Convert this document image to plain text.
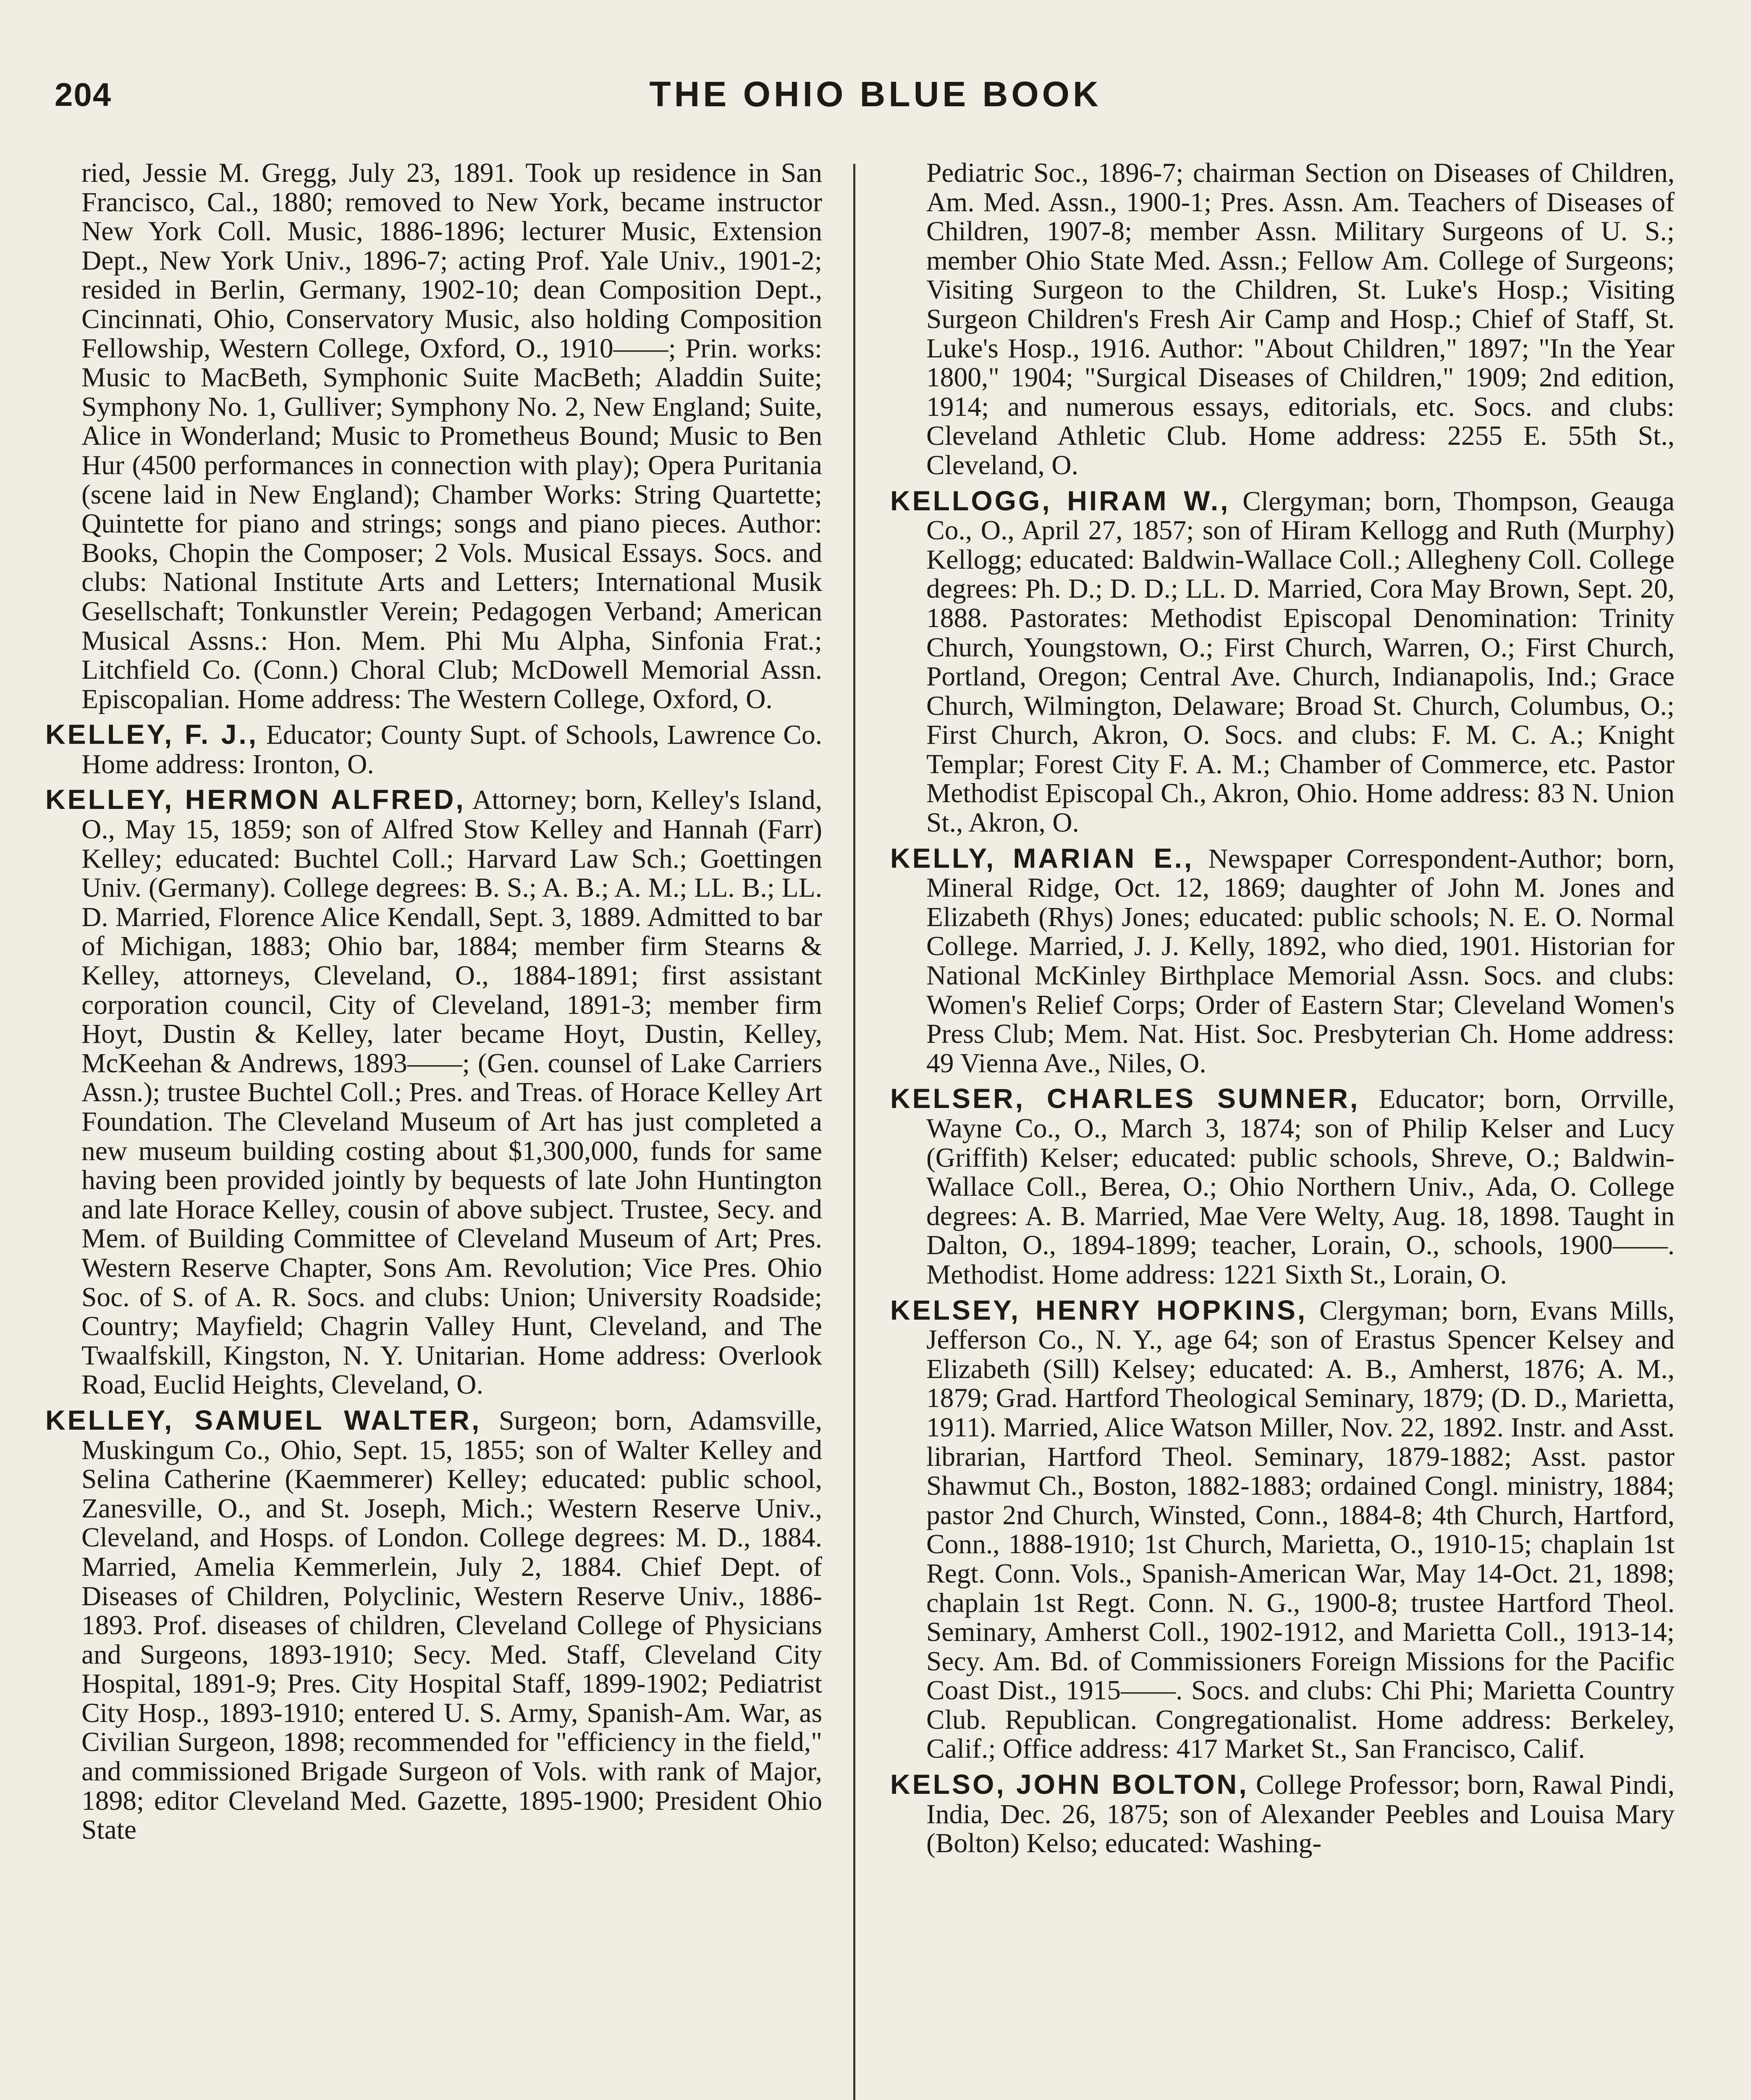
204	THE OHIO BLUE BOOK

ried, Jessie M. Gregg, July 23, 1891. Took up residence in San Francisco, Cal., 1880; removed to New York, became instructor New York Coll. Music, 1886-1896; lecturer Music, Extension Dept., New York Univ., 1896-7; acting Prof. Yale Univ., 1901-2; resided in Berlin, Germany, 1902-10; dean Composition Dept., Cincinnati, Ohio, Conservatory Music, also holding Composition Fellowship, Western College, Oxford, O., 1910——; Prin. works: Music to MacBeth, Symphonic Suite MacBeth; Aladdin Suite; Symphony No. 1, Gulliver; Symphony No. 2, New England; Suite, Alice in Wonderland; Music to Prometheus Bound; Music to Ben Hur (4500 performances in connection with play); Opera Puritania (scene laid in New England); Chamber Works: String Quartette; Quintette for piano and strings; songs and piano pieces. Author: Books, Chopin the Composer; 2 Vols. Musical Essays. Socs. and clubs: National Institute Arts and Letters; International Musik Gesellschaft; Tonkunstler Verein; Pedagogen Verband; American Musical Assns.: Hon. Mem. Phi Mu Alpha, Sinfonia Frat.; Litchfield Co. (Conn.) Choral Club; McDowell Memorial Assn. Episcopalian. Home address: The Western College, Oxford, O.

KELLEY, F. J., Educator; County Supt. of Schools, Lawrence Co. Home address: Ironton, O.

KELLEY, HERMON ALFRED, Attorney; born, Kelley's Island, O., May 15, 1859; son of Alfred Stow Kelley and Hannah (Farr) Kelley; educated: Buchtel Coll.; Harvard Law Sch.; Goettingen Univ. (Germany). College degrees: B. S.; A. B.; A. M.; LL. B.; LL. D. Married, Florence Alice Kendall, Sept. 3, 1889. Admitted to bar of Michigan, 1883; Ohio bar, 1884; member firm Stearns & Kelley, attorneys, Cleveland, O., 1884-1891; first assistant corporation council, City of Cleveland, 1891-3; member firm Hoyt, Dustin & Kelley, later became Hoyt, Dustin, Kelley, McKeehan & Andrews, 1893——; (Gen. counsel of Lake Carriers Assn.); trustee Buchtel Coll.; Pres. and Treas. of Horace Kelley Art Foundation. The Cleveland Museum of Art has just completed a new museum building costing about $1,300,000, funds for same having been provided jointly by bequests of late John Huntington and late Horace Kelley, cousin of above subject. Trustee, Secy. and Mem. of Building Committee of Cleveland Museum of Art; Pres. Western Reserve Chapter, Sons Am. Revolution; Vice Pres. Ohio Soc. of S. of A. R. Socs. and clubs: Union; University Roadside; Country; Mayfield; Chagrin Valley Hunt, Cleveland, and The Twaalfskill, Kingston, N. Y. Unitarian. Home address: Overlook Road, Euclid Heights, Cleveland, O.

KELLEY, SAMUEL WALTER, Surgeon; born, Adamsville, Muskingum Co., Ohio, Sept. 15, 1855; son of Walter Kelley and Selina Catherine (Kaemmerer) Kelley; educated: public school, Zanesville, O., and St. Joseph, Mich.; Western Reserve Univ., Cleveland, and Hosps. of London. College degrees: M. D., 1884. Married, Amelia Kemmerlein, July 2, 1884. Chief Dept. of Diseases of Children, Polyclinic, Western Reserve Univ., 1886-1893. Prof. diseases of children, Cleveland College of Physicians and Surgeons, 1893-1910; Secy. Med. Staff, Cleveland City Hospital, 1891-9; Pres. City Hospital Staff, 1899-1902; Pediatrist City Hosp., 1893-1910; entered U. S. Army, Spanish-Am. War, as Civilian Surgeon, 1898; recommended for "efficiency in the field," and commissioned Brigade Surgeon of Vols. with rank of Major, 1898; editor Cleveland Med. Gazette, 1895-1900; President Ohio State

Pediatric Soc., 1896-7; chairman Section on Diseases of Children, Am. Med. Assn., 1900-1; Pres. Assn. Am. Teachers of Diseases of Children, 1907-8; member Assn. Military Surgeons of U. S.; member Ohio State Med. Assn.; Fellow Am. College of Surgeons; Visiting Surgeon to the Children, St. Luke's Hosp.; Visiting Surgeon Children's Fresh Air Camp and Hosp.; Chief of Staff, St. Luke's Hosp., 1916. Author: "About Children," 1897; "In the Year 1800," 1904; "Surgical Diseases of Children," 1909; 2nd edition, 1914; and numerous essays, editorials, etc. Socs. and clubs: Cleveland Athletic Club. Home address: 2255 E. 55th St., Cleveland, O.

KELLOGG, HIRAM W., Clergyman; born, Thompson, Geauga Co., O., April 27, 1857; son of Hiram Kellogg and Ruth (Murphy) Kellogg; educated: Baldwin-Wallace Coll.; Allegheny Coll. College degrees: Ph. D.; D. D.; LL. D. Married, Cora May Brown, Sept. 20, 1888. Pastorates: Methodist Episcopal Denomination: Trinity Church, Youngstown, O.; First Church, Warren, O.; First Church, Portland, Oregon; Central Ave. Church, Indianapolis, Ind.; Grace Church, Wilmington, Delaware; Broad St. Church, Columbus, O.; First Church, Akron, O. Socs. and clubs: F. M. C. A.; Knight Templar; Forest City F. A. M.; Chamber of Commerce, etc. Pastor Methodist Episcopal Ch., Akron, Ohio. Home address: 83 N. Union St., Akron, O.

KELLY, MARIAN E., Newspaper Correspondent-Author; born, Mineral Ridge, Oct. 12, 1869; daughter of John M. Jones and Elizabeth (Rhys) Jones; educated: public schools; N. E. O. Normal College. Married, J. J. Kelly, 1892, who died, 1901. Historian for National McKinley Birthplace Memorial Assn. Socs. and clubs: Women's Relief Corps; Order of Eastern Star; Cleveland Women's Press Club; Mem. Nat. Hist. Soc. Presbyterian Ch. Home address: 49 Vienna Ave., Niles, O.

KELSER, CHARLES SUMNER, Educator; born, Orrville, Wayne Co., O., March 3, 1874; son of Philip Kelser and Lucy (Griffith) Kelser; educated: public schools, Shreve, O.; Baldwin-Wallace Coll., Berea, O.; Ohio Northern Univ., Ada, O. College degrees: A. B. Married, Mae Vere Welty, Aug. 18, 1898. Taught in Dalton, O., 1894-1899; teacher, Lorain, O., schools, 1900——. Methodist. Home address: 1221 Sixth St., Lorain, O.

KELSEY, HENRY HOPKINS, Clergyman; born, Evans Mills, Jefferson Co., N. Y., age 64; son of Erastus Spencer Kelsey and Elizabeth (Sill) Kelsey; educated: A. B., Amherst, 1876; A. M., 1879; Grad. Hartford Theological Seminary, 1879; (D. D., Marietta, 1911). Married, Alice Watson Miller, Nov. 22, 1892. Instr. and Asst. librarian, Hartford Theol. Seminary, 1879-1882; Asst. pastor Shawmut Ch., Boston, 1882-1883; ordained Congl. ministry, 1884; pastor 2nd Church, Winsted, Conn., 1884-8; 4th Church, Hartford, Conn., 1888-1910; 1st Church, Marietta, O., 1910-15; chaplain 1st Regt. Conn. Vols., Spanish-American War, May 14-Oct. 21, 1898; chaplain 1st Regt. Conn. N. G., 1900-8; trustee Hartford Theol. Seminary, Amherst Coll., 1902-1912, and Marietta Coll., 1913-14; Secy. Am. Bd. of Commissioners Foreign Missions for the Pacific Coast Dist., 1915——. Socs. and clubs: Chi Phi; Marietta Country Club. Republican. Congregationalist. Home address: Berkeley, Calif.; Office address: 417 Market St., San Francisco, Calif.

KELSO, JOHN BOLTON, College Professor; born, Rawal Pindi, India, Dec. 26, 1875; son of Alexander Peebles and Louisa Mary (Bolton) Kelso; educated: Washing-
